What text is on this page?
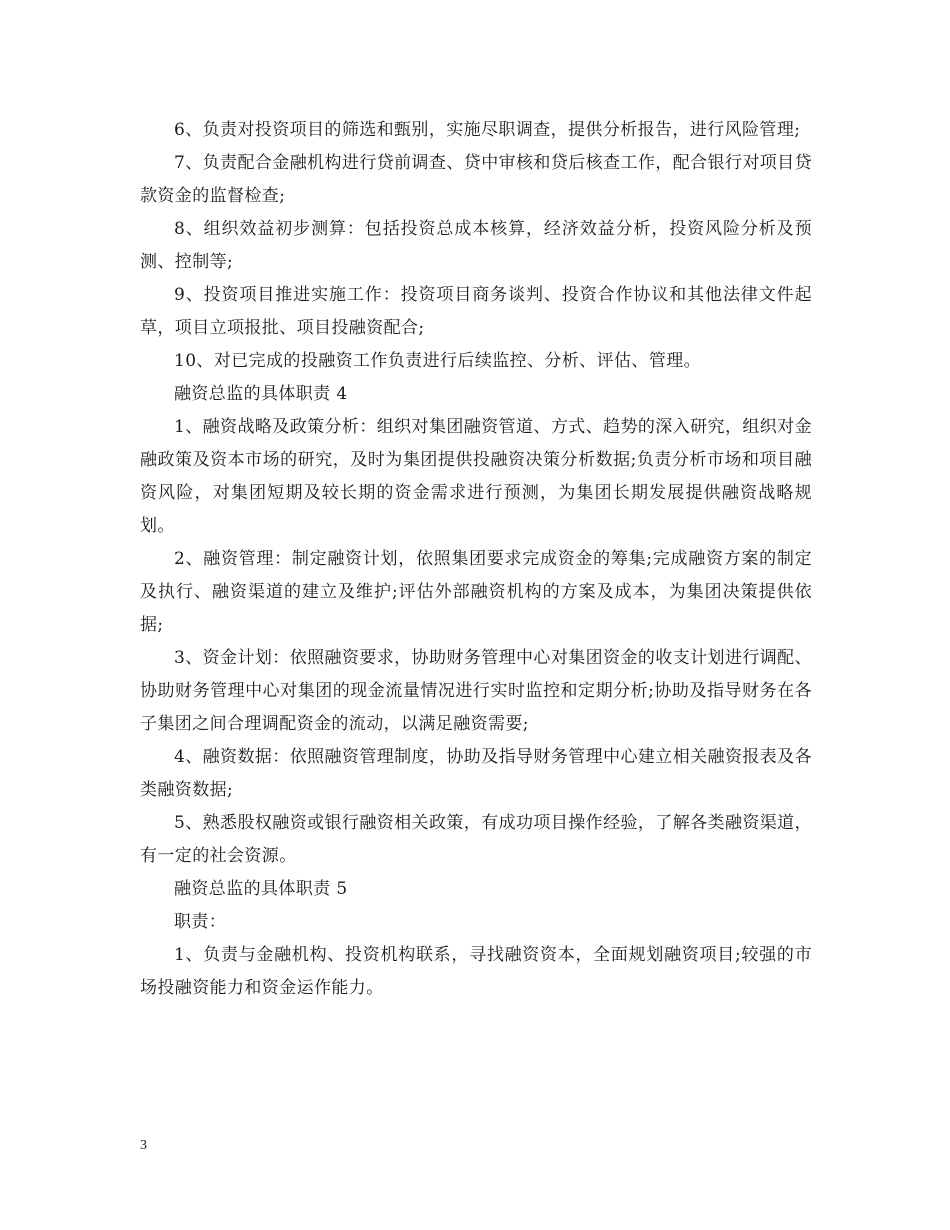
6、负责对投资项目的筛选和甄别，实施尽职调查，提供分析报告，进行风险管理;

7、负责配合金融机构进行贷前调查、贷中审核和贷后核查工作，配合银行对项目贷款资金的监督检查;

8、组织效益初步测算：包括投资总成本核算，经济效益分析，投资风险分析及预测、控制等;

9、投资项目推进实施工作：投资项目商务谈判、投资合作协议和其他法律文件起草，项目立项报批、项目投融资配合;

10、对已完成的投融资工作负责进行后续监控、分析、评估、管理。

融资总监的具体职责 4

1、融资战略及政策分析：组织对集团融资管道、方式、趋势的深入研究，组织对金融政策及资本市场的研究，及时为集团提供投融资决策分析数据;负责分析市场和项目融资风险，对集团短期及较长期的资金需求进行预测，为集团长期发展提供融资战略规划。

2、融资管理：制定融资计划，依照集团要求完成资金的筹集;完成融资方案的制定及执行、融资渠道的建立及维护;评估外部融资机构的方案及成本，为集团决策提供依据;

3、资金计划：依照融资要求，协助财务管理中心对集团资金的收支计划进行调配、协助财务管理中心对集团的现金流量情况进行实时监控和定期分析;协助及指导财务在各子集团之间合理调配资金的流动，以满足融资需要;

4、融资数据：依照融资管理制度，协助及指导财务管理中心建立相关融资报表及各类融资数据;

5、熟悉股权融资或银行融资相关政策，有成功项目操作经验，了解各类融资渠道，有一定的社会资源。

融资总监的具体职责 5

职责：

1、负责与金融机构、投资机构联系，寻找融资资本，全面规划融资项目;较强的市场投融资能力和资金运作能力。

3
